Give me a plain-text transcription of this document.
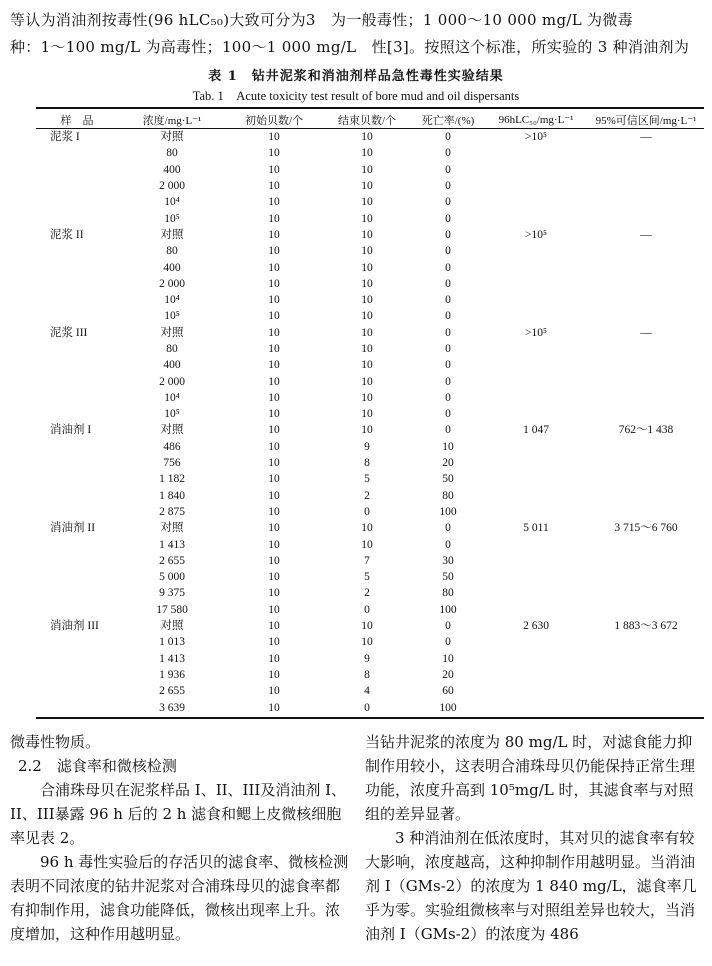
等认为消油剂按毒性(96 hLC₅₀)大致可分为3　为一般毒性；1 000～10 000 mg/L 为微毒

种：1～100 mg/L 为高毒性；100～1 000 mg/L　性[3]。按照这个标准，所实验的 3 种消油剂为

表 1　钻井泥浆和消油剂样品急性毒性实验结果
Tab. 1　Acute toxicity test result of bore mud and oil dispersants
样　品	浓度/mg·L⁻¹	初始贝数/个	结束贝数/个	死亡率/(%)	96hLC₅₀/mg·L⁻¹	95%可信区间/mg·L⁻¹
泥浆 I	对照	10	10	0	>10⁵	—
	80	10	10	0		
	400	10	10	0		
	2 000	10	10	0		
	10⁴	10	10	0		
	10⁵	10	10	0		
泥浆 II	对照	10	10	0	>10⁵	—
	80	10	10	0		
	400	10	10	0		
	2 000	10	10	0		
	10⁴	10	10	0		
	10⁵	10	10	0		
泥浆 III	对照	10	10	0	>10⁵	—
	80	10	10	0		
	400	10	10	0		
	2 000	10	10	0		
	10⁴	10	10	0		
	10⁵	10	10	0		
消油剂 I	对照	10	10	0	1 047	762～1 438
	486	10	9	10		
	756	10	8	20		
	1 182	10	5	50		
	1 840	10	2	80		
	2 875	10	0	100		
消油剂 II	对照	10	10	0	5 011	3 715～6 760
	1 413	10	10	0		
	2 655	10	7	30		
	5 000	10	5	50		
	9 375	10	2	80		
	17 580	10	0	100		
消油剂 III	对照	10	10	0	2 630	1 883～3 672
	1 013	10	10	0		
	1 413	10	9	10		
	1 936	10	8	20		
	2 655	10	4	60		
	3 639	10	0	100		

微毒性物质。

2.2　滤食率和微核检测

合浦珠母贝在泥浆样品 I、II、III及消油剂 I、II、III暴露 96 h 后的 2 h 滤食和鳃上皮微核细胞率见表 2。

96 h 毒性实验后的存活贝的滤食率、微核检测表明不同浓度的钻井泥浆对合浦珠母贝的滤食率都有抑制作用，滤食功能降低，微核出现率上升。浓度增加，这种作用越明显。

当钻井泥浆的浓度为 80 mg/L 时，对滤食能力抑制作用较小，这表明合浦珠母贝仍能保持正常生理功能，浓度升高到 10⁵mg/L 时，其滤食率与对照组的差异显著。

3 种消油剂在低浓度时，其对贝的滤食率有较大影响，浓度越高，这种抑制作用越明显。当消油剂 I（GMs-2）的浓度为 1 840 mg/L，滤食率几乎为零。实验组微核率与对照组差异也较大，当消油剂 I（GMs-2）的浓度为 486
